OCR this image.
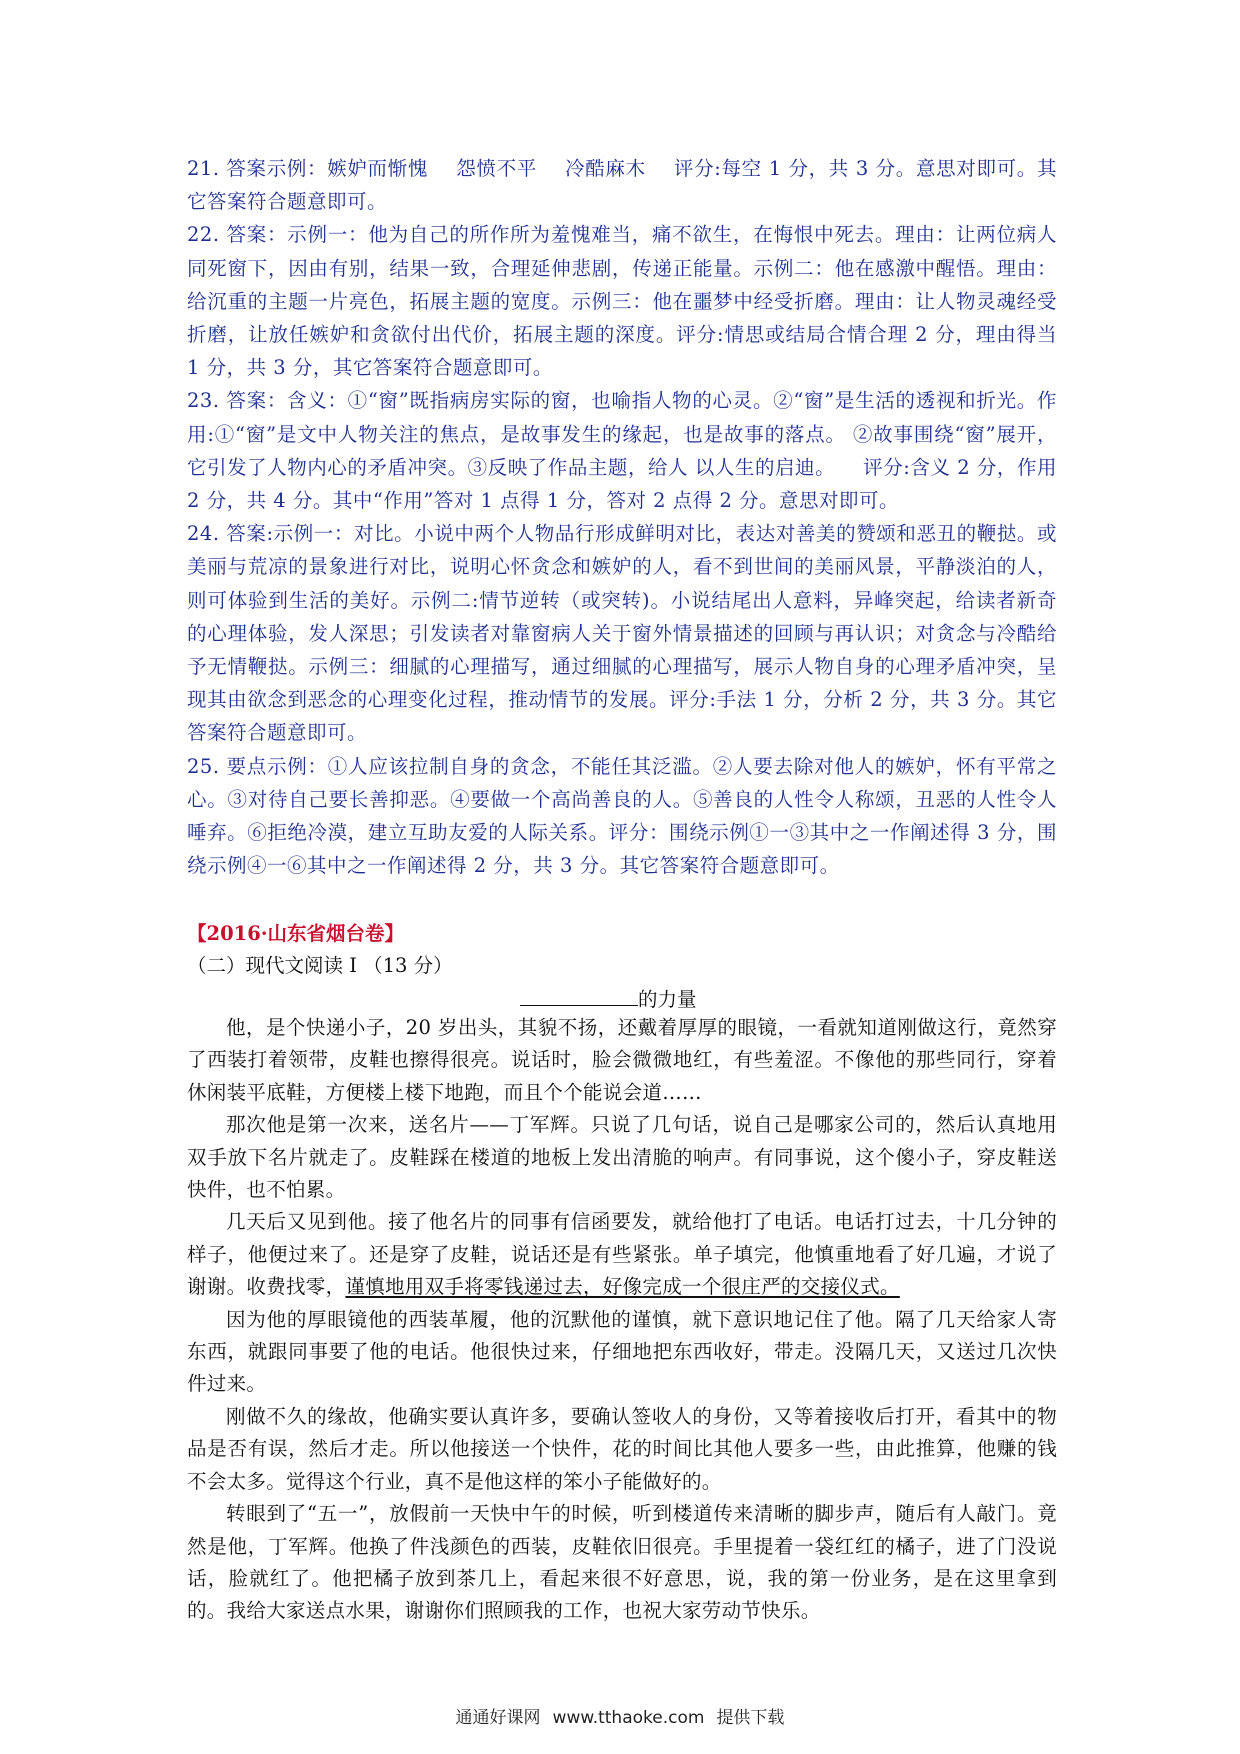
21. 答案示例：嫉妒而惭愧 怨愤不平 冷酷麻木 评分:每空 1 分，共 3 分。意思对即可。其它答案符合题意即可。

22. 答案：示例一：他为自己的所作所为羞愧难当，痛不欲生，在悔恨中死去。理由：让两位病人同死窗下，因由有别，结果一致，合理延伸悲剧，传递正能量。示例二：他在感激中醒悟。理由：给沉重的主题一片亮色，拓展主题的宽度。示例三：他在噩梦中经受折磨。理由：让人物灵魂经受折磨，让放任嫉妒和贪欲付出代价，拓展主题的深度。评分:情思或结局合情合理 2 分，理由得当 1 分，共 3 分，其它答案符合题意即可。

23. 答案：含义：①“窗”既指病房实际的窗，也喻指人物的心灵。②“窗”是生活的透视和折光。作用:①“窗”是文中人物关注的焦点，是故事发生的缘起，也是故事的落点。 ②故事围绕“窗”展开，它引发了人物内心的矛盾冲突。③反映了作品主题，给人 以人生的启迪。 评分:含义 2 分，作用 2 分，共 4 分。其中“作用”答对 1 点得 1 分，答对 2 点得 2 分。意思对即可。

24. 答案:示例一：对比。小说中两个人物品行形成鲜明对比，表达对善美的赞颂和恶丑的鞭挞。或美丽与荒凉的景象进行对比，说明心怀贪念和嫉妒的人，看不到世间的美丽风景，平静淡泊的人，则可体验到生活的美好。示例二:情节逆转（或突转)。小说结尾出人意料，异峰突起，给读者新奇的心理体验，发人深思；引发读者对靠窗病人关于窗外情景描述的回顾与再认识；对贪念与冷酷给予无情鞭挞。示例三：细腻的心理描写，通过细腻的心理描写，展示人物自身的心理矛盾冲突，呈现其由欲念到恶念的心理变化过程，推动情节的发展。评分:手法 1 分，分析 2 分，共 3 分。其它答案符合题意即可。

25. 要点示例：①人应该拉制自身的贪念，不能任其泛滥。②人要去除对他人的嫉妒，怀有平常之心。③对待自己要长善抑恶。④要做一个高尚善良的人。⑤善良的人性令人称颂，丑恶的人性令人唾弃。⑥拒绝冷漠，建立互助友爱的人际关系。评分：围绕示例①一③其中之一作阐述得 3 分，围绕示例④一⑥其中之一作阐述得 2 分，共 3 分。其它答案符合题意即可。

【2016·山东省烟台卷】

（二）现代文阅读 I （13 分）

的力量

他，是个快递小子，20 岁出头，其貌不扬，还戴着厚厚的眼镜，一看就知道刚做这行，竟然穿了西装打着领带，皮鞋也擦得很亮。说话时，脸会微微地红，有些羞涩。不像他的那些同行，穿着休闲装平底鞋，方便楼上楼下地跑，而且个个能说会道……

那次他是第一次来，送名片——丁军辉。只说了几句话，说自己是哪家公司的，然后认真地用双手放下名片就走了。皮鞋踩在楼道的地板上发出清脆的响声。有同事说，这个傻小子，穿皮鞋送快件，也不怕累。

几天后又见到他。接了他名片的同事有信函要发，就给他打了电话。电话打过去，十几分钟的样子，他便过来了。还是穿了皮鞋，说话还是有些紧张。单子填完，他慎重地看了好几遍，才说了谢谢。收费找零，谨慎地用双手将零钱递过去，好像完成一个很庄严的交接仪式。

因为他的厚眼镜他的西装革履，他的沉默他的谨慎，就下意识地记住了他。隔了几天给家人寄东西，就跟同事要了他的电话。他很快过来，仔细地把东西收好，带走。没隔几天，又送过几次快件过来。

刚做不久的缘故，他确实要认真许多，要确认签收人的身份，又等着接收后打开，看其中的物品是否有误，然后才走。所以他接送一个快件，花的时间比其他人要多一些，由此推算，他赚的钱不会太多。觉得这个行业，真不是他这样的笨小子能做好的。

转眼到了“五一”，放假前一天快中午的时候，听到楼道传来清晰的脚步声，随后有人敲门。竟然是他，丁军辉。他换了件浅颜色的西装，皮鞋依旧很亮。手里提着一袋红红的橘子，进了门没说话，脸就红了。他把橘子放到茶几上，看起来很不好意思，说，我的第一份业务，是在这里拿到的。我给大家送点水果，谢谢你们照顾我的工作，也祝大家劳动节快乐。

通通好课网 www.tthaoke.com 提供下载
